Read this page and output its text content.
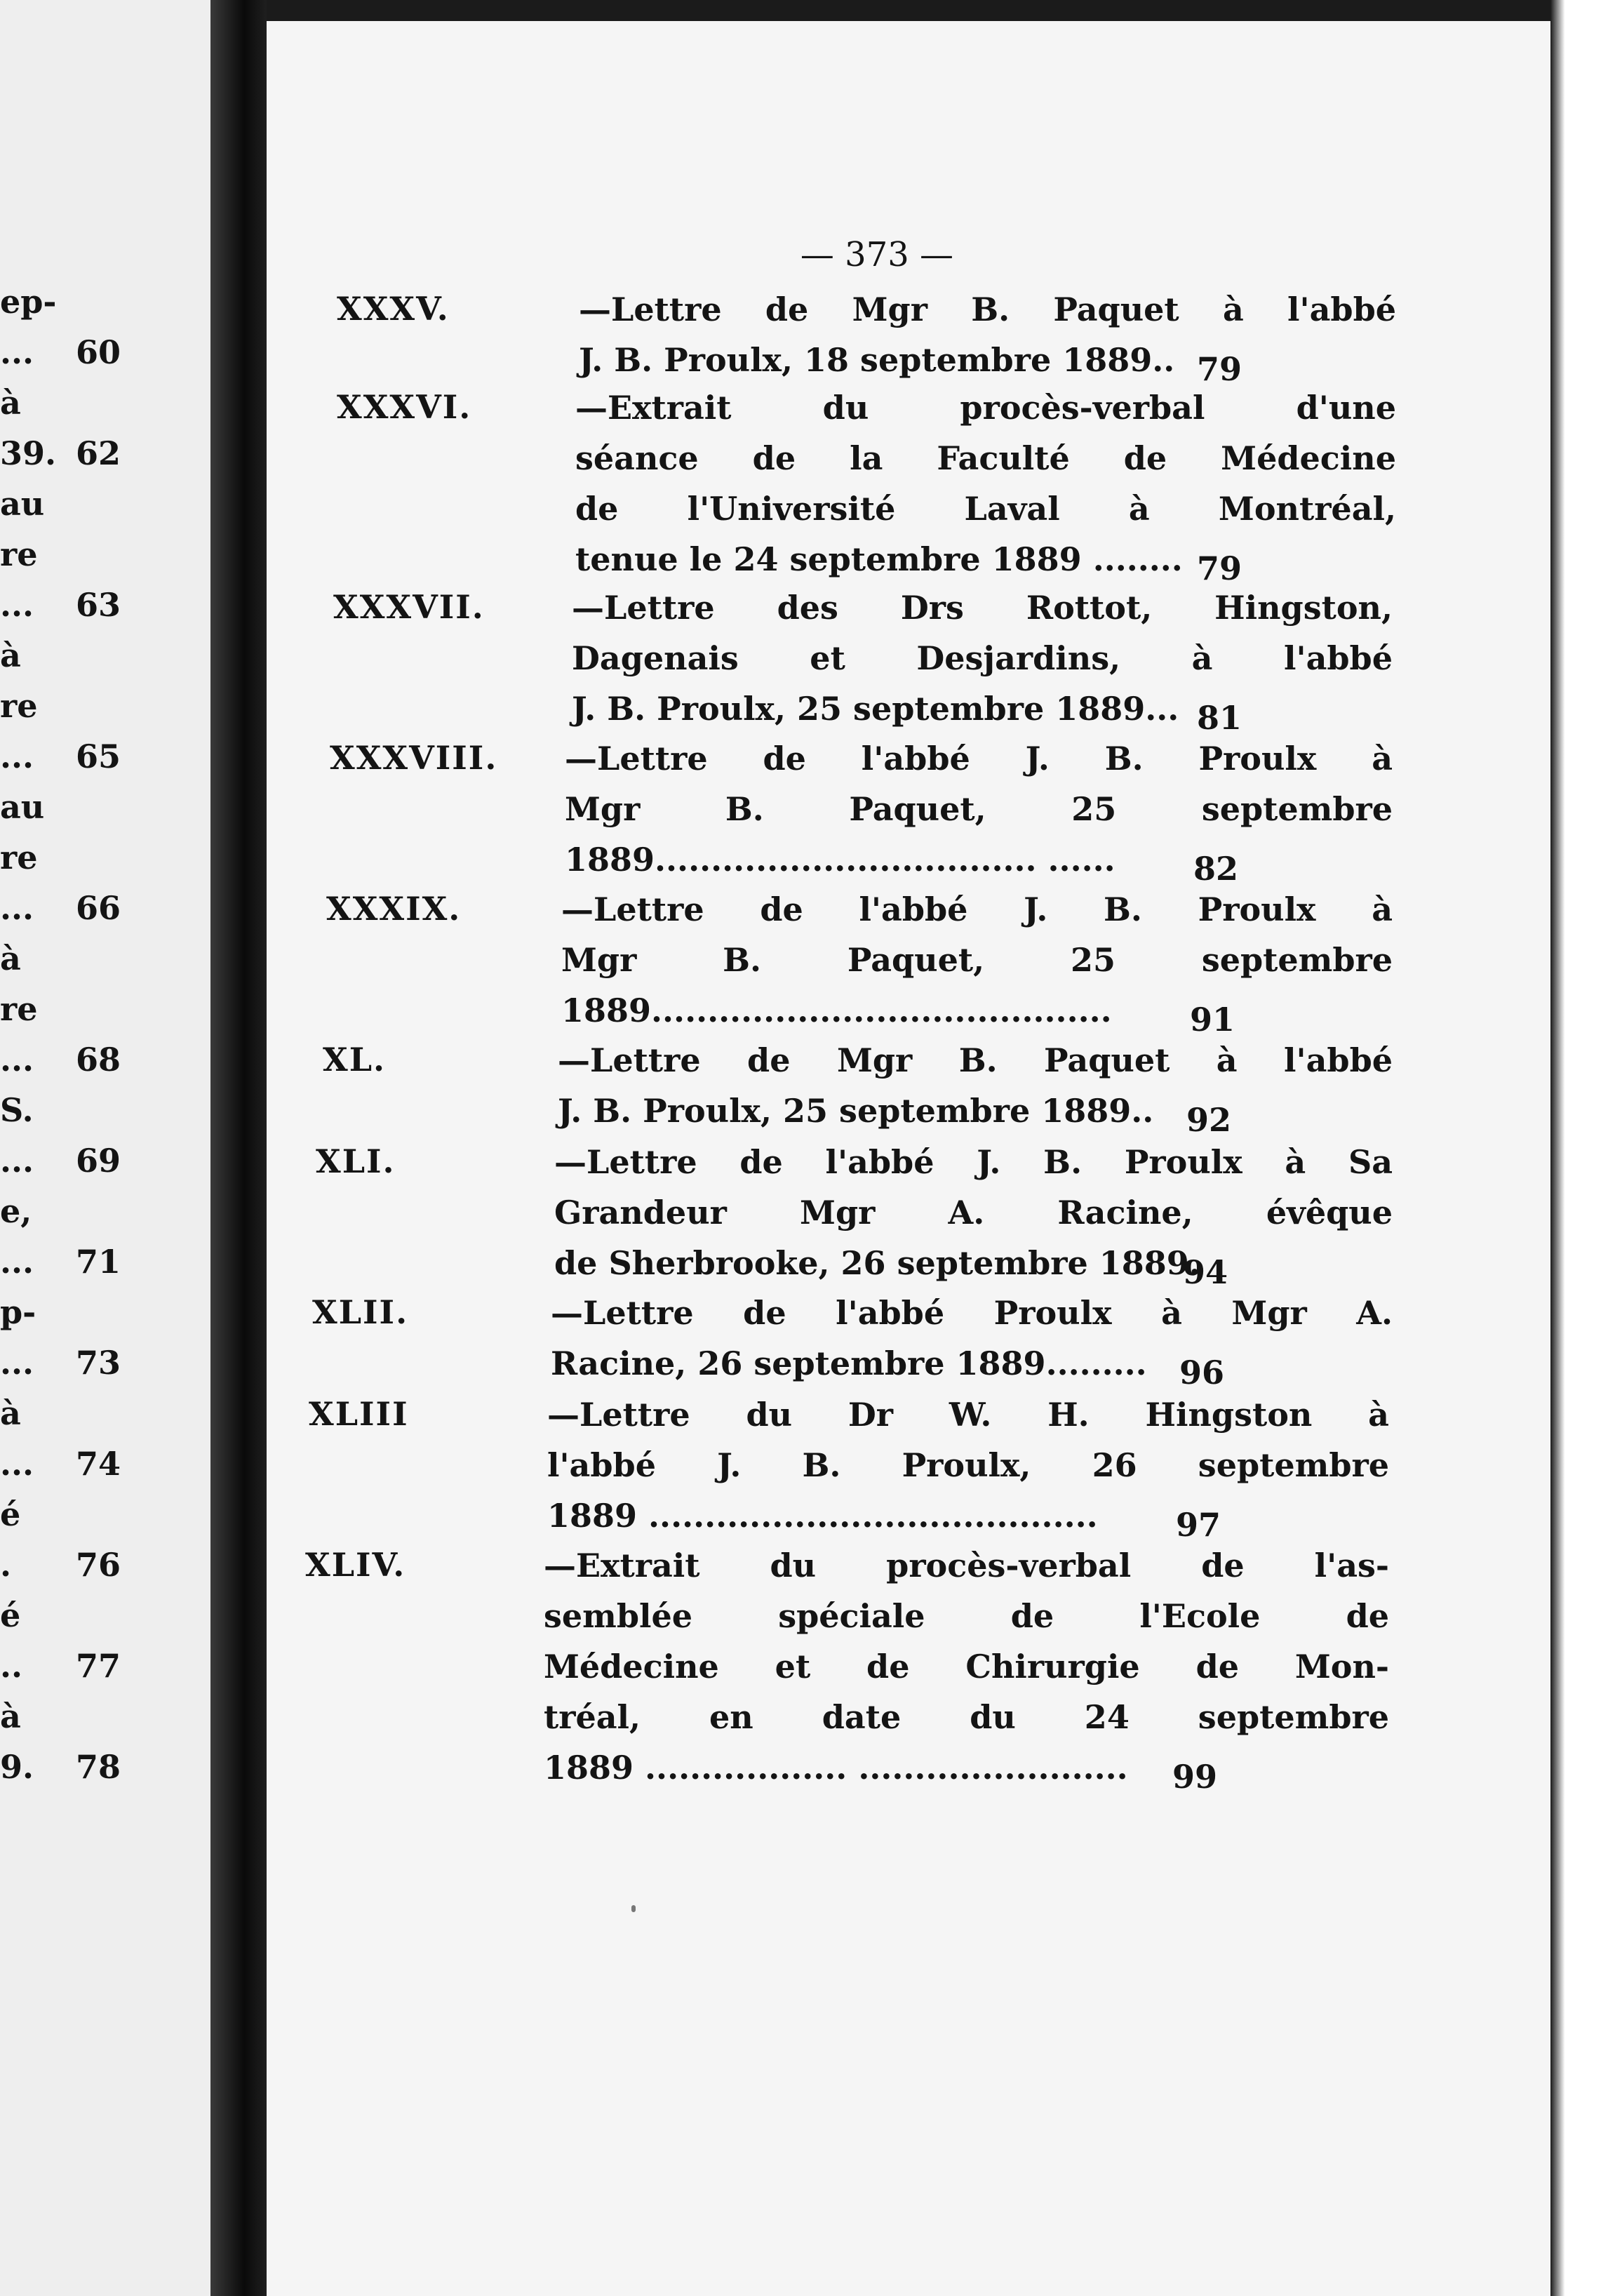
ep-
... 60
à
39. 62
au
re
... 63
à
re
... 65
au
re
... 66
à
re
... 68
S.
... 69
e,
... 71
p-
... 73
à
... 74
é
. 76
é
.. 77
à
9. 78
— 373 —
XXXV.	—Lettre de Mgr B. Paquet à l'abbé
J. B. Proulx, 18 septembre 1889.. 79
XXXVI.	—Extrait du procès-verbal d'une
séance de la Faculté de Médecine
de l'Université Laval à Montréal,
tenue le 24 septembre 1889 ........ 79
XXXVII.	—Lettre des Drs Rottot, Hingston,
Dagenais et Desjardins, à l'abbé
J. B. Proulx, 25 septembre 1889... 81
XXXVIII. —Lettre de l'abbé J. B. Proulx à
Mgr B. Paquet, 25 septembre
1889.................................. ......	82
XXXIX.	—Lettre de l'abbé J. B. Proulx à
Mgr B. Paquet, 25 septembre
1889.........................................	91
XL.	—Lettre de Mgr B. Paquet à l'abbé
J. B. Proulx, 25 septembre 1889..	92
XLI.	—Lettre de l'abbé J. B. Proulx à Sa
Grandeur Mgr A. Racine, évêque
de Sherbrooke, 26 septembre 1889.
94
XLII.	—Lettre de l'abbé Proulx à Mgr A.
Racine, 26 septembre 1889.........	96
XLIII	—Lettre du Dr W. H. Hingston à
l'abbé J. B. Proulx, 26 septembre
1889 ........................................	97
XLIV.	—Extrait du procès-verbal de l'as-
semblée spéciale de l'Ecole de
Médecine et de Chirurgie de Mon-
tréal, en date du 24 septembre
1889 .................. ........................	99
